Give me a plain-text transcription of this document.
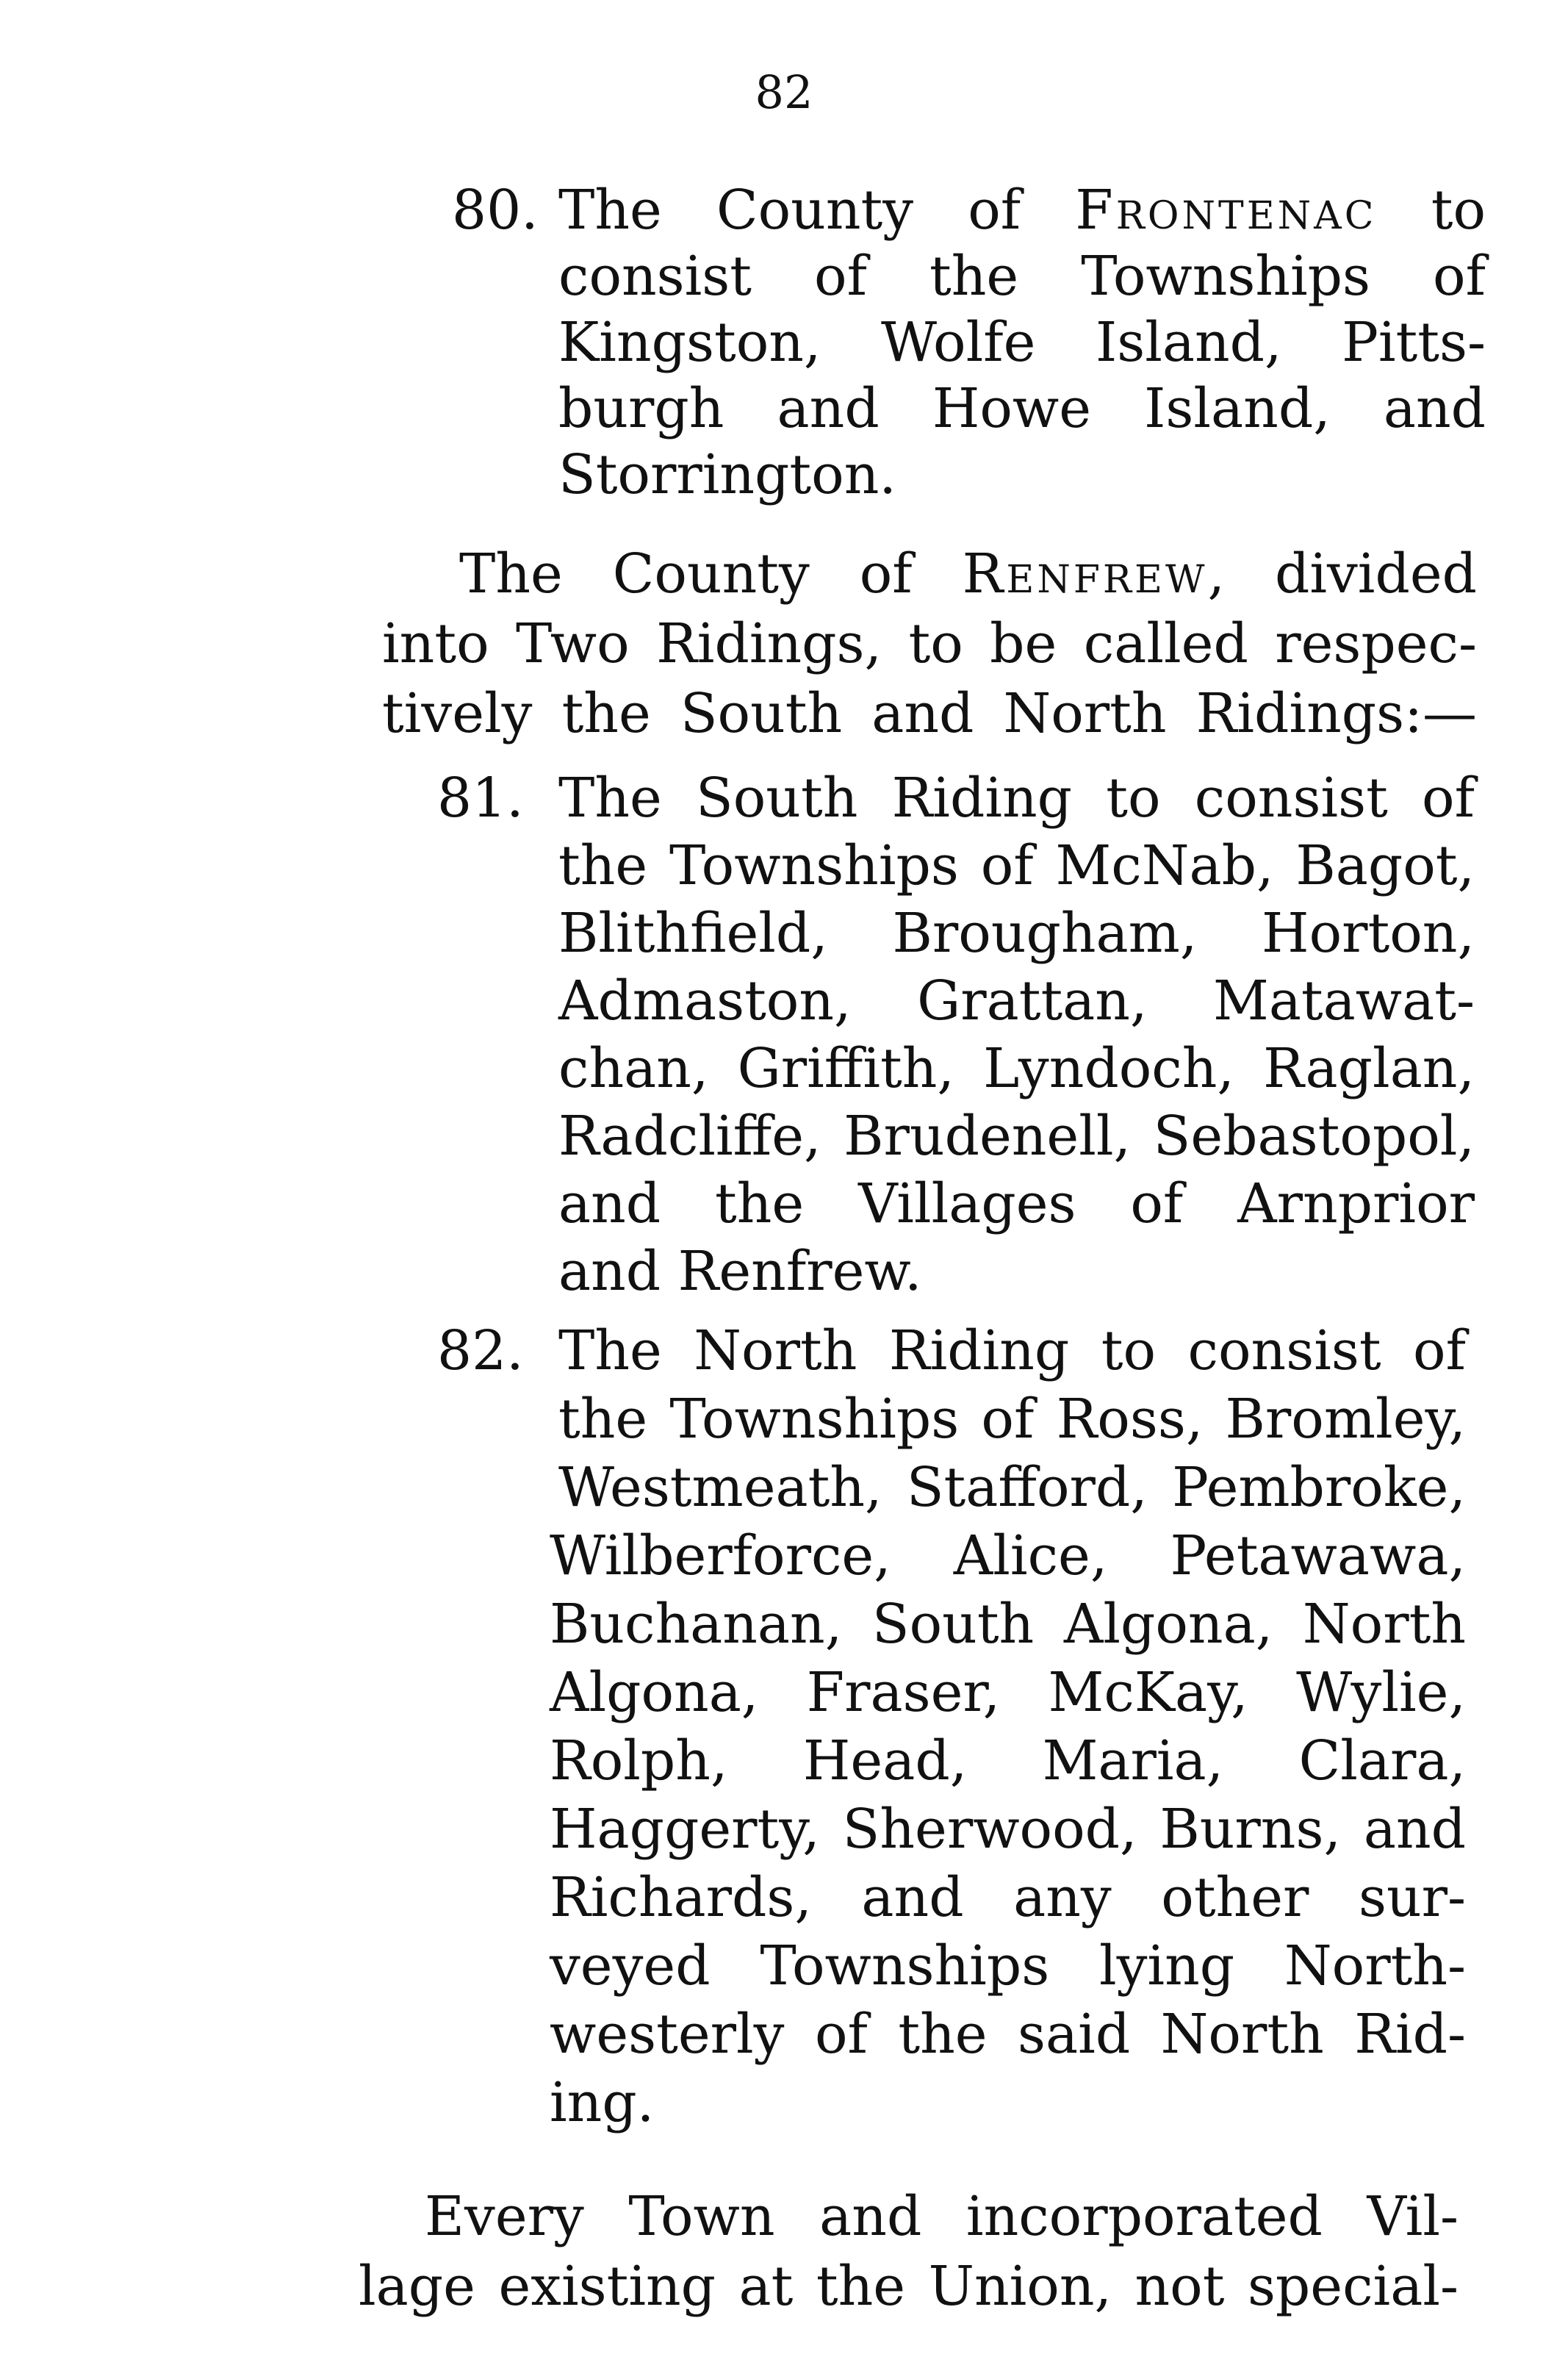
82
80. The County of Frontenac to
consist of the Townships of
Kingston, Wolfe Island, Pitts-
burgh and Howe Island, and
Storrington.
The County of Renfrew, divided
into Two Ridings, to be called respec-
tively the South and North Ridings:—
81. The South Riding to consist of
the Townships of McNab, Bagot,
Blithfield, Brougham, Horton,
Admaston, Grattan, Matawat-
chan, Griffith, Lyndoch, Raglan,
Radcliffe, Brudenell, Sebastopol,
and the Villages of Arnprior
and Renfrew.
82. The North Riding to consist of
the Townships of Ross, Bromley,
Westmeath, Stafford, Pembroke,
Wilberforce, Alice, Petawawa,
Buchanan, South Algona, North
Algona, Fraser, McKay, Wylie,
Rolph, Head, Maria, Clara,
Haggerty, Sherwood, Burns, and
Richards, and any other sur-
veyed Townships lying North-
westerly of the said North Rid-
ing.
Every Town and incorporated Vil-
lage existing at the Union, not special-
